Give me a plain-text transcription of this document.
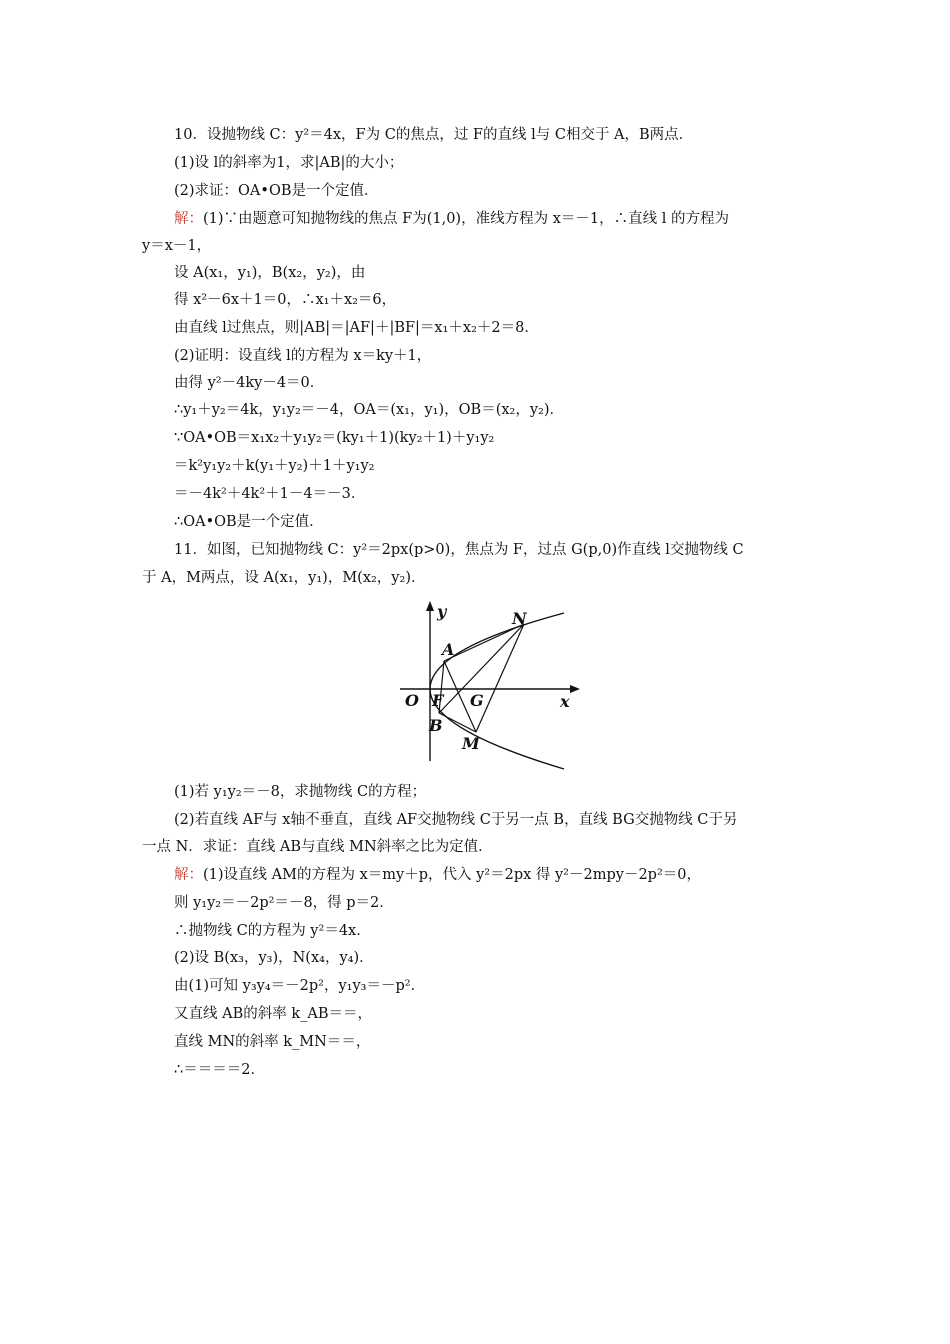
10．设抛物线 C：y²＝4x，F为 C的焦点，过 F的直线 l与 C相交于 A，B两点．
(1)设 l的斜率为1，求|AB|的大小；
(2)求证：OA•OB是一个定值．
解：(1)∵由题意可知抛物线的焦点 F为(1,0)，准线方程为 x＝－1，∴直线 l 的方程为
y＝x－1，
设 A(x₁，y₁)，B(x₂，y₂)，由
得 x²－6x＋1＝0，∴x₁＋x₂＝6，
由直线 l过焦点，则|AB|＝|AF|＋|BF|＝x₁＋x₂＋2＝8．
(2)证明：设直线 l的方程为 x＝ky＋1，
由得 y²－4ky－4＝0．
∴y₁＋y₂＝4k，y₁y₂＝－4，OA＝(x₁，y₁)，OB＝(x₂，y₂)．
∵OA•OB＝x₁x₂＋y₁y₂＝(ky₁＋1)(ky₂＋1)＋y₁y₂
＝k²y₁y₂＋k(y₁＋y₂)＋1＋y₁y₂
＝－4k²＋4k²＋1－4＝－3．
∴OA•OB是一个定值．
11．如图，已知抛物线 C：y²＝2px(p>0)，焦点为 F，过点 G(p,0)作直线 l交抛物线 C
于 A，M两点，设 A(x₁，y₁)，M(x₂，y₂)．
y
x
O F G
A
B
M
N
(1)若 y₁y₂＝－8，求抛物线 C的方程；
(2)若直线 AF与 x轴不垂直，直线 AF交抛物线 C于另一点 B，直线 BG交抛物线 C于另
一点 N．求证：直线 AB与直线 MN斜率之比为定值．
解：(1)设直线 AM的方程为 x＝my＋p，代入 y²＝2px 得 y²－2mpy－2p²＝0，
则 y₁y₂＝－2p²＝－8，得 p＝2．
∴抛物线 C的方程为 y²＝4x．
(2)设 B(x₃，y₃)，N(x₄，y₄)．
由(1)可知 y₃y₄＝－2p²，y₁y₃＝－p²．
又直线 AB的斜率 k_AB＝＝，
直线 MN的斜率 k_MN＝＝，
∴＝＝＝＝2．
